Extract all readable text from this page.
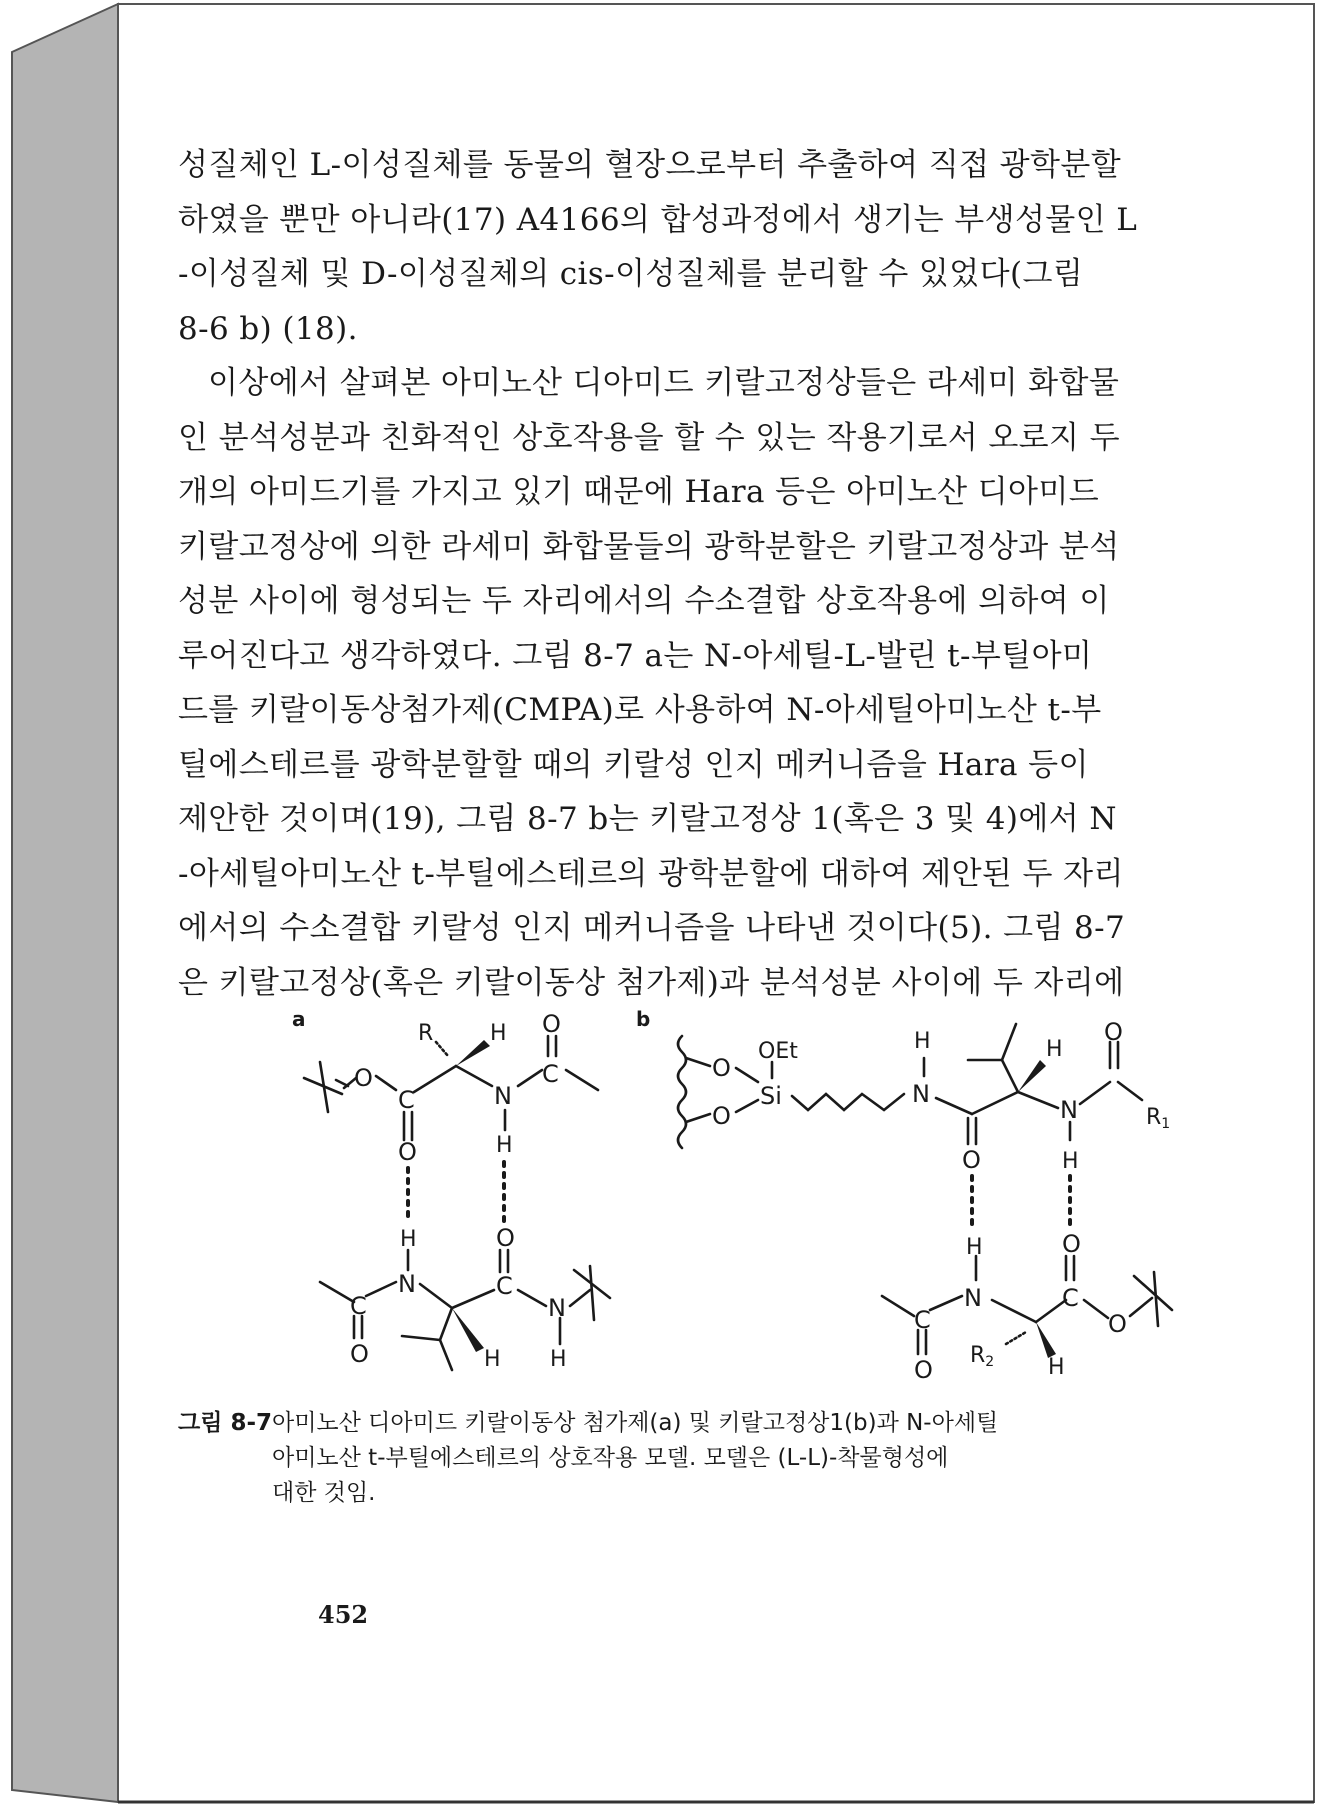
성질체인 L-이성질체를 동물의 혈장으로부터 추출하여 직접 광학분할
하였을 뿐만 아니라(17) A4166의 합성과정에서 생기는 부생성물인 L
-이성질체 및 D-이성질체의 cis-이성질체를 분리할 수 있었다(그림
8-6 b) (18).
이상에서 살펴본 아미노산 디아미드 키랄고정상들은 라세미 화합물
인 분석성분과 친화적인 상호작용을 할 수 있는 작용기로서 오로지 두
개의 아미드기를 가지고 있기 때문에 Hara 등은 아미노산 디아미드
키랄고정상에 의한 라세미 화합물들의 광학분할은 키랄고정상과 분석
성분 사이에 형성되는 두 자리에서의 수소결합 상호작용에 의하여 이
루어진다고 생각하였다. 그림 8-7 a는 N-아세틸-L-발린 t-부틸아미
드를 키랄이동상첨가제(CMPA)로 사용하여 N-아세틸아미노산 t-부
틸에스테르를 광학분할할 때의 키랄성 인지 메커니즘을 Hara 등이
제안한 것이며(19), 그림 8-7 b는 키랄고정상 1(혹은 3 및 4)에서 N
-아세틸아미노산 t-부틸에스테르의 광학분할에 대하여 제안된 두 자리
에서의 수소결합 키랄성 인지 메커니즘을 나타낸 것이다(5). 그림 8-7
은 키랄고정상(혹은 키랄이동상 첨가제)과 분석성분 사이에 두 자리에
a	b
O
C
O
R	H
N
H
C
O
H
N
C
O
O
C
N
H H
O
O
OEt
Si
H
N
O
H
N
H
O
R1
H
N
C
O
R2 H
O
C
O
그림 8-7 아미노산 디아미드 키랄이동상 첨가제(a) 및 키랄고정상1(b)과 N-아세틸
아미노산 t-부틸에스테르의 상호작용 모델. 모델은 (L-L)-착물형성에
대한 것임.
452
